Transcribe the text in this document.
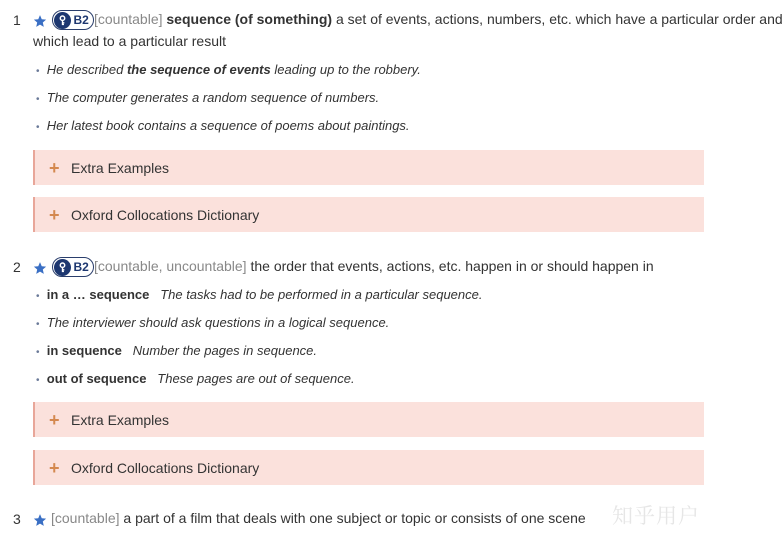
1	B2 [countable] sequence (of something) a set of events, actions, numbers, etc. which have a particular order and
which lead to a particular result
• He described the sequence of events leading up to the robbery.
• The computer generates a random sequence of numbers.
• Her latest book contains a sequence of poems about paintings.
+ Extra Examples
+ Oxford Collocations Dictionary
2	B2 [countable, uncountable] the order that events, actions, etc. happen in or should happen in
• in a … sequence The tasks had to be performed in a particular sequence.
• The interviewer should ask questions in a logical sequence.
• in sequence Number the pages in sequence.
• out of sequence These pages are out of sequence.
+ Extra Examples
+ Oxford Collocations Dictionary
3 [countable] a part of a film that deals with one subject or topic or consists of one scene 知乎用户
